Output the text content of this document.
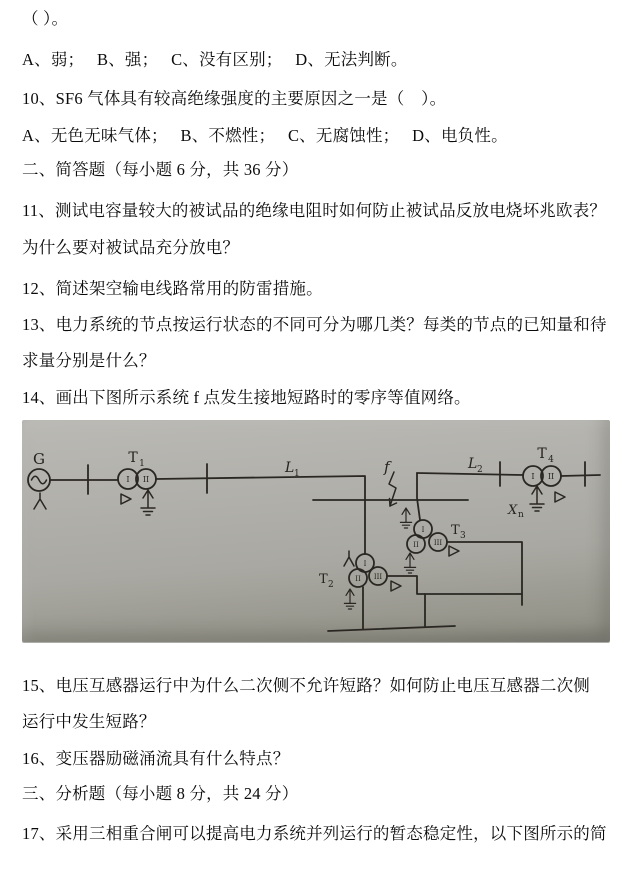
（ ）。
A、弱；　 B、强；　 C、没有区别；　 D、无法判断。
10、SF6 气体具有较高绝缘强度的主要原因之一是（　）。
A、无色无味气体；　 B、不燃性；　 C、无腐蚀性；　 D、电负性。
二、简答题（每小题 6 分，共 36 分）
11、测试电容量较大的被试品的绝缘电阻时如何防止被试品反放电烧坏兆欧表？
为什么要对被试品充分放电？
12、简述架空输电线路常用的防雷措施。
13、电力系统的节点按运行状态的不同可分为哪几类？每类的节点的已知量和待
求量分别是什么？
14、画出下图所示系统 f 点发生接地短路时的零序等值网络。
15、电压互感器运行中为什么二次侧不允许短路？如何防止电压互感器二次侧
运行中发生短路？
16、变压器励磁涌流具有什么特点？
三、分析题（每小题 8 分，共 24 分）
17、采用三相重合闸可以提高电力系统并列运行的暂态稳定性，以下图所示的简
G
I II
T 1	L 1	f	L 2
I II
T 4
X n
I
II III
T 3
I
II III
T 2
